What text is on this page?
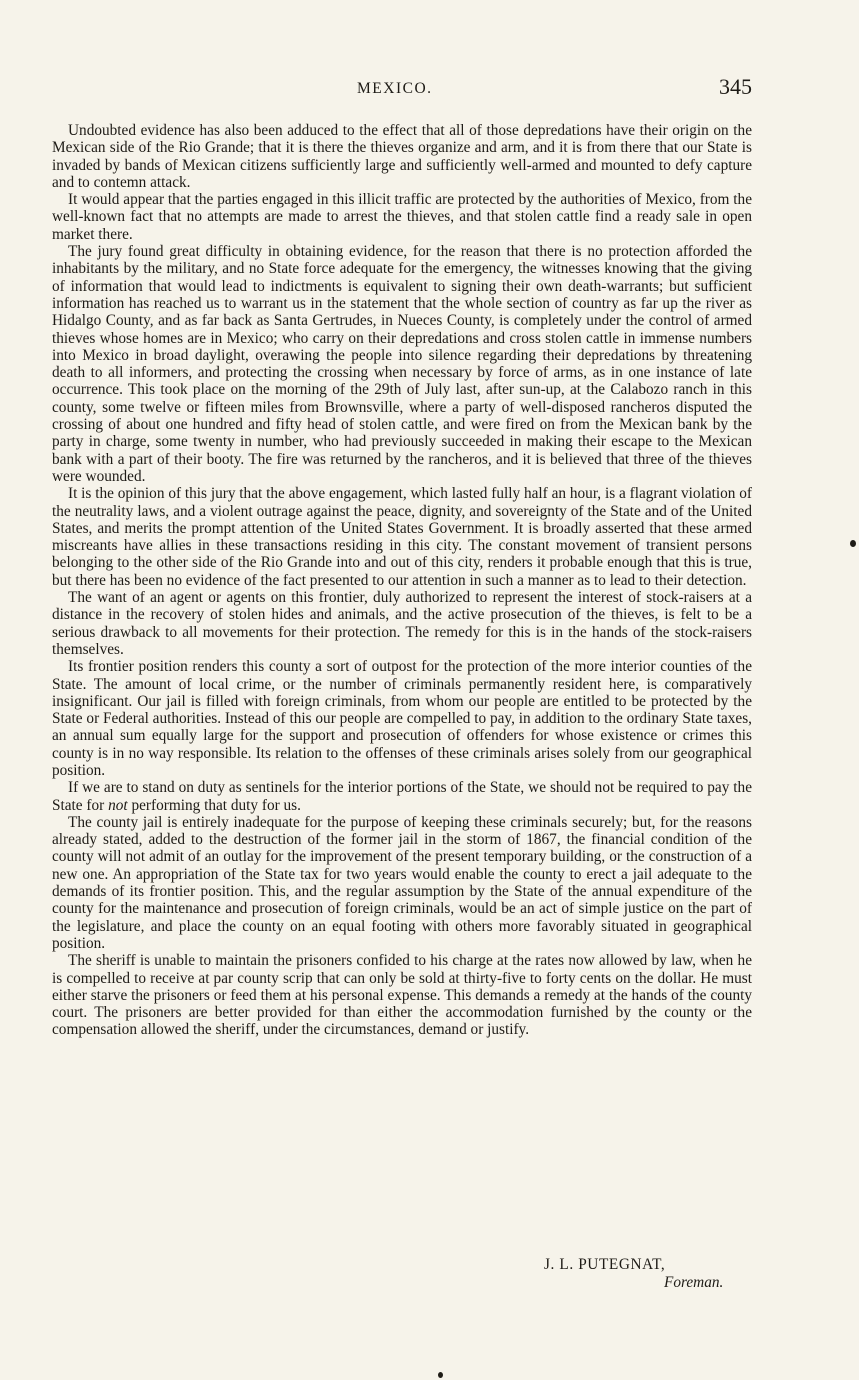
MEXICO.	345

Undoubted evidence has also been adduced to the effect that all of those depredations have their origin on the Mexican side of the Rio Grande; that it is there the thieves organize and arm, and it is from there that our State is invaded by bands of Mexican citizens sufficiently large and sufficiently well-armed and mounted to defy capture and to contemn attack.

It would appear that the parties engaged in this illicit traffic are protected by the authorities of Mexico, from the well-known fact that no attempts are made to arrest the thieves, and that stolen cattle find a ready sale in open market there.

The jury found great difficulty in obtaining evidence, for the reason that there is no protection afforded the inhabitants by the military, and no State force adequate for the emergency, the witnesses knowing that the giving of information that would lead to indictments is equivalent to signing their own death-warrants; but sufficient information has reached us to warrant us in the statement that the whole section of country as far up the river as Hidalgo County, and as far back as Santa Gertrudes, in Nueces County, is completely under the control of armed thieves whose homes are in Mexico; who carry on their depredations and cross stolen cattle in immense numbers into Mexico in broad daylight, overawing the people into silence regarding their depredations by threatening death to all informers, and protecting the crossing when necessary by force of arms, as in one instance of late occurrence. This took place on the morning of the 29th of July last, after sun-up, at the Calabozo ranch in this county, some twelve or fifteen miles from Brownsville, where a party of well-disposed rancheros disputed the crossing of about one hundred and fifty head of stolen cattle, and were fired on from the Mexican bank by the party in charge, some twenty in number, who had previously succeeded in making their escape to the Mexican bank with a part of their booty. The fire was returned by the rancheros, and it is believed that three of the thieves were wounded.

It is the opinion of this jury that the above engagement, which lasted fully half an hour, is a flagrant violation of the neutrality laws, and a violent outrage against the peace, dignity, and sovereignty of the State and of the United States, and merits the prompt attention of the United States Government. It is broadly asserted that these armed miscreants have allies in these transactions residing in this city. The constant movement of transient persons belonging to the other side of the Rio Grande into and out of this city, renders it probable enough that this is true, but there has been no evidence of the fact presented to our attention in such a manner as to lead to their detection.

The want of an agent or agents on this frontier, duly authorized to represent the interest of stock-raisers at a distance in the recovery of stolen hides and animals, and the active prosecution of the thieves, is felt to be a serious drawback to all movements for their protection. The remedy for this is in the hands of the stock-raisers themselves.

Its frontier position renders this county a sort of outpost for the protection of the more interior counties of the State. The amount of local crime, or the number of criminals permanently resident here, is comparatively insignificant. Our jail is filled with foreign criminals, from whom our people are entitled to be protected by the State or Federal authorities. Instead of this our people are compelled to pay, in addition to the ordinary State taxes, an annual sum equally large for the support and prosecution of offenders for whose existence or crimes this county is in no way responsible. Its relation to the offenses of these criminals arises solely from our geographical position.

If we are to stand on duty as sentinels for the interior portions of the State, we should not be required to pay the State for not performing that duty for us.

The county jail is entirely inadequate for the purpose of keeping these criminals securely; but, for the reasons already stated, added to the destruction of the former jail in the storm of 1867, the financial condition of the county will not admit of an outlay for the improvement of the present temporary building, or the construction of a new one. An appropriation of the State tax for two years would enable the county to erect a jail adequate to the demands of its frontier position. This, and the regular assumption by the State of the annual expenditure of the county for the maintenance and prosecution of foreign criminals, would be an act of simple justice on the part of the legislature, and place the county on an equal footing with others more favorably situated in geographical position.

The sheriff is unable to maintain the prisoners confided to his charge at the rates now allowed by law, when he is compelled to receive at par county scrip that can only be sold at thirty-five to forty cents on the dollar. He must either starve the prisoners or feed them at his personal expense. This demands a remedy at the hands of the county court. The prisoners are better provided for than either the accommodation furnished by the county or the compensation allowed the sheriff, under the circumstances, demand or justify.

J. L. PUTEGNAT,
Foreman.
